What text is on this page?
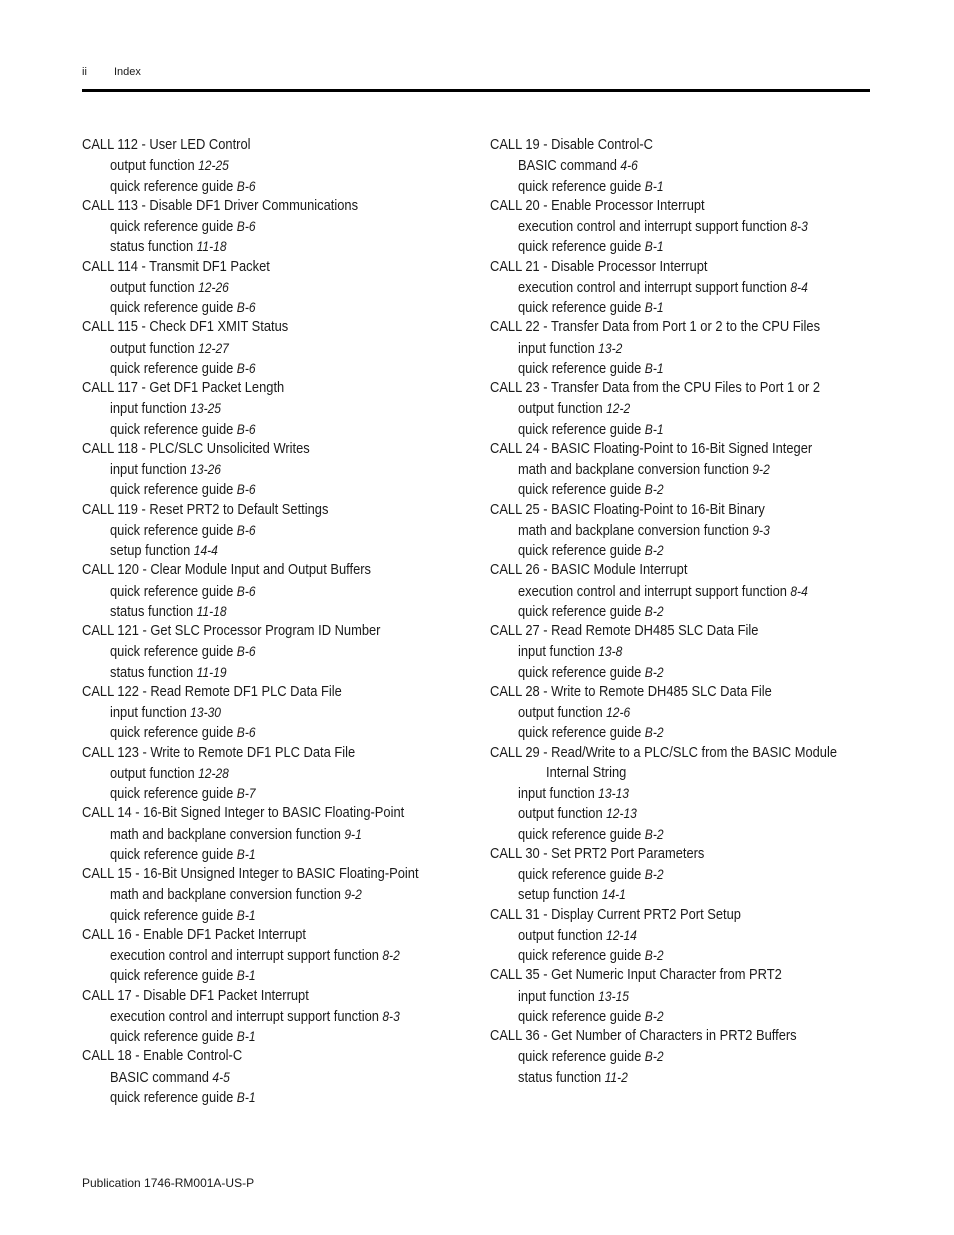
ii Index
CALL 112 - User LED Control
output function 12-25
quick reference guide B-6
CALL 113 - Disable DF1 Driver Communications
quick reference guide B-6
status function 11-18
CALL 114 - Transmit DF1 Packet
output function 12-26
quick reference guide B-6
CALL 115 - Check DF1 XMIT Status
output function 12-27
quick reference guide B-6
CALL 117 - Get DF1 Packet Length
input function 13-25
quick reference guide B-6
CALL 118 - PLC/SLC Unsolicited Writes
input function 13-26
quick reference guide B-6
CALL 119 - Reset PRT2 to Default Settings
quick reference guide B-6
setup function 14-4
CALL 120 - Clear Module Input and Output Buffers
quick reference guide B-6
status function 11-18
CALL 121 - Get SLC Processor Program ID Number
quick reference guide B-6
status function 11-19
CALL 122 - Read Remote DF1 PLC Data File
input function 13-30
quick reference guide B-6
CALL 123 - Write to Remote DF1 PLC Data File
output function 12-28
quick reference guide B-7
CALL 14 - 16-Bit Signed Integer to BASIC Floating-Point
math and backplane conversion function 9-1
quick reference guide B-1
CALL 15 - 16-Bit Unsigned Integer to BASIC Floating-Point
math and backplane conversion function 9-2
quick reference guide B-1
CALL 16 - Enable DF1 Packet Interrupt
execution control and interrupt support function 8-2
quick reference guide B-1
CALL 17 - Disable DF1 Packet Interrupt
execution control and interrupt support function 8-3
quick reference guide B-1
CALL 18 - Enable Control-C
BASIC command 4-5
quick reference guide B-1
CALL 19 - Disable Control-C
BASIC command 4-6
quick reference guide B-1
CALL 20 - Enable Processor Interrupt
execution control and interrupt support function 8-3
quick reference guide B-1
CALL 21 - Disable Processor Interrupt
execution control and interrupt support function 8-4
quick reference guide B-1
CALL 22 - Transfer Data from Port 1 or 2 to the CPU Files
input function 13-2
quick reference guide B-1
CALL 23 - Transfer Data from the CPU Files to Port 1 or 2
output function 12-2
quick reference guide B-1
CALL 24 - BASIC Floating-Point to 16-Bit Signed Integer
math and backplane conversion function 9-2
quick reference guide B-2
CALL 25 - BASIC Floating-Point to 16-Bit Binary
math and backplane conversion function 9-3
quick reference guide B-2
CALL 26 - BASIC Module Interrupt
execution control and interrupt support function 8-4
quick reference guide B-2
CALL 27 - Read Remote DH485 SLC Data File
input function 13-8
quick reference guide B-2
CALL 28 - Write to Remote DH485 SLC Data File
output function 12-6
quick reference guide B-2
CALL 29 - Read/Write to a PLC/SLC from the BASIC Module
Internal String
input function 13-13
output function 12-13
quick reference guide B-2
CALL 30 - Set PRT2 Port Parameters
quick reference guide B-2
setup function 14-1
CALL 31 - Display Current PRT2 Port Setup
output function 12-14
quick reference guide B-2
CALL 35 - Get Numeric Input Character from PRT2
input function 13-15
quick reference guide B-2
CALL 36 - Get Number of Characters in PRT2 Buffers
quick reference guide B-2
status function 11-2
Publication 1746-RM001A-US-P
